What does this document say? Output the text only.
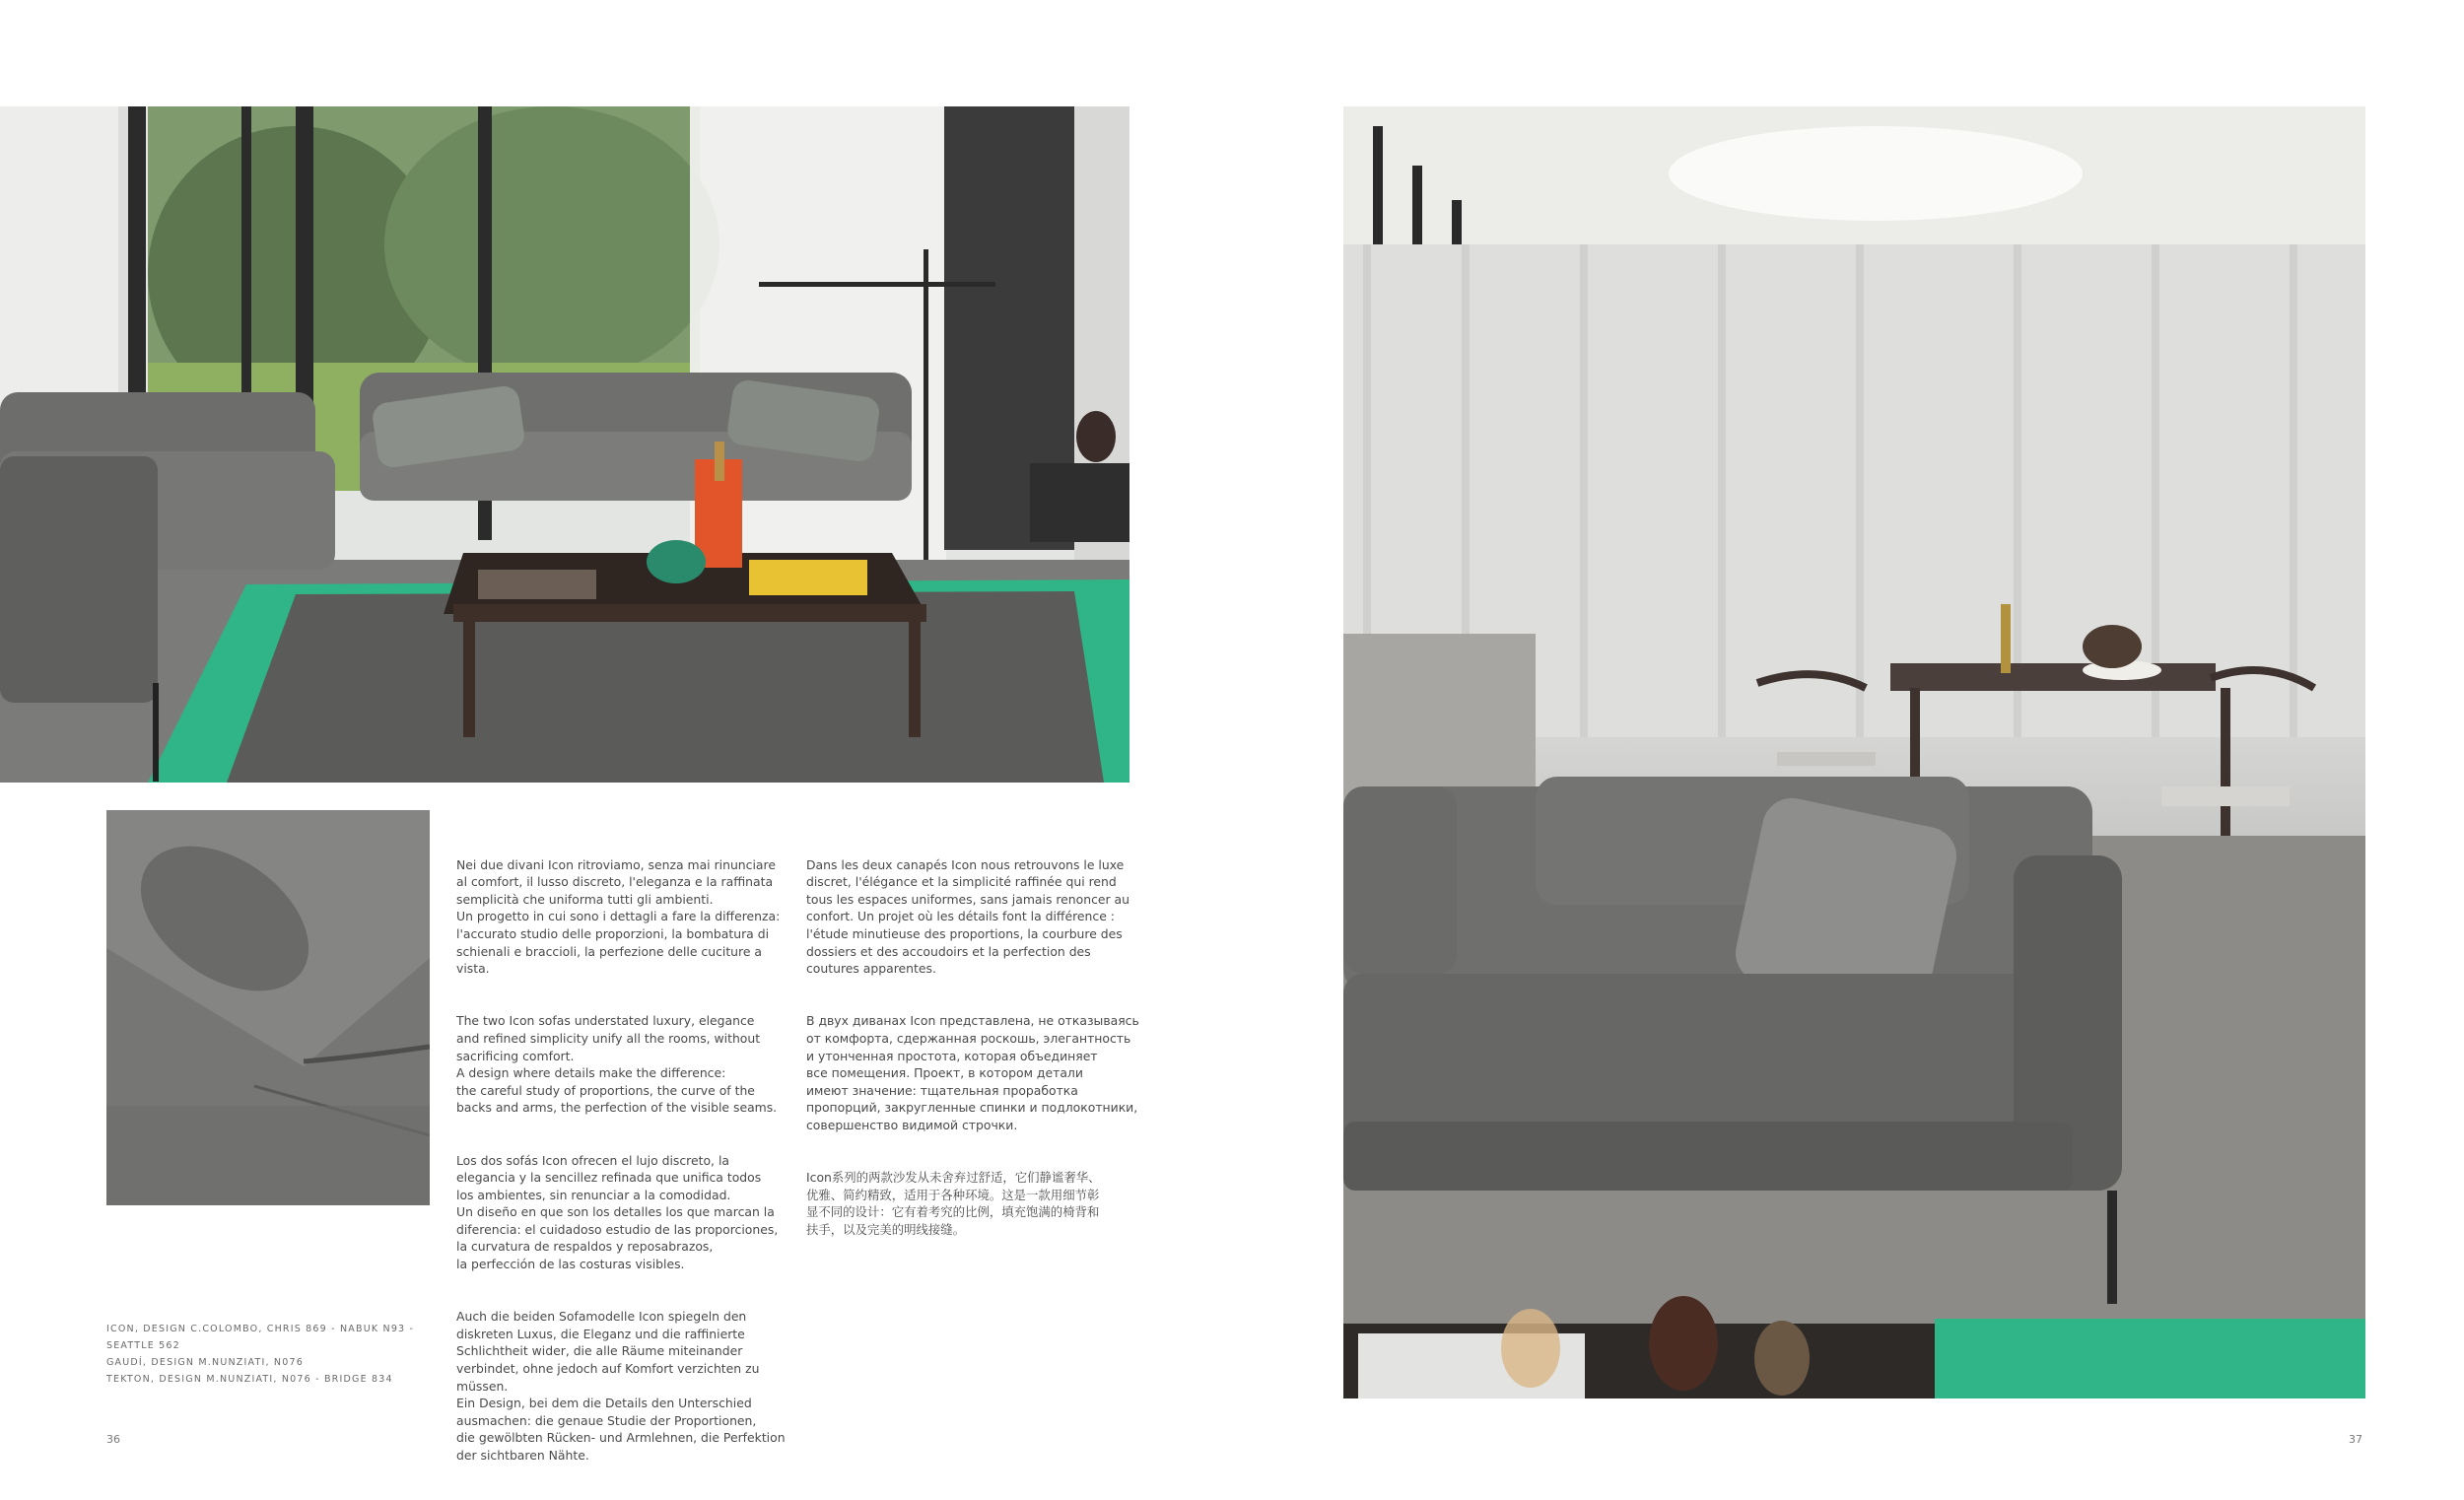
ICON, DESIGN C.COLOMBO, CHRIS 869 - NABUK N93 -
SEATTLE 562
GAUDÍ, DESIGN M.NUNZIATI, N076
TEKTON, DESIGN M.NUNZIATI, N076 - BRIDGE 834

Nei due divani Icon ritroviamo, senza mai rinunciare
al comfort, il lusso discreto, l'eleganza e la raffinata
semplicità che uniforma tutti gli ambienti.
Un progetto in cui sono i dettagli a fare la differenza:
l'accurato studio delle proporzioni, la bombatura di
schienali e braccioli, la perfezione delle cuciture a
vista.

The two Icon sofas understated luxury, elegance
and refined simplicity unify all the rooms, without
sacrificing comfort.
A design where details make the difference:
the careful study of proportions, the curve of the
backs and arms, the perfection of the visible seams.

Los dos sofás Icon ofrecen el lujo discreto, la
elegancia y la sencillez refinada que unifica todos
los ambientes, sin renunciar a la comodidad.
Un diseño en que son los detalles los que marcan la
diferencia: el cuidadoso estudio de las proporciones,
la curvatura de respaldos y reposabrazos,
la perfección de las costuras visibles.

Auch die beiden Sofamodelle Icon spiegeln den
diskreten Luxus, die Eleganz und die raffinierte
Schlichtheit wider, die alle Räume miteinander
verbindet, ohne jedoch auf Komfort verzichten zu
müssen.
Ein Design, bei dem die Details den Unterschied
ausmachen: die genaue Studie der Proportionen,
die gewölbten Rücken- und Armlehnen, die Perfektion
der sichtbaren Nähte.

Dans les deux canapés Icon nous retrouvons le luxe
discret, l'élégance et la simplicité raffinée qui rend
tous les espaces uniformes, sans jamais renoncer au
confort. Un projet où les détails font la différence :
l'étude minutieuse des proportions, la courbure des
dossiers et des accoudoirs et la perfection des
coutures apparentes.

В двух диванах Icon представлена, не отказываясь
от комфорта, сдержанная роскошь, элегантность
и утонченная простота, которая объединяет
все помещения. Проект, в котором детали
имеют значение: тщательная проработка
пропорций, закругленные спинки и подлокотники,
совершенство видимой строчки.

Icon系列的两款沙发从未舍弃过舒适，它们静谧奢华、
优雅、简约精致，适用于各种环境。这是一款用细节彰
显不同的设计：它有着考究的比例，填充饱满的椅背和
扶手，以及完美的明线接缝。

36	37
